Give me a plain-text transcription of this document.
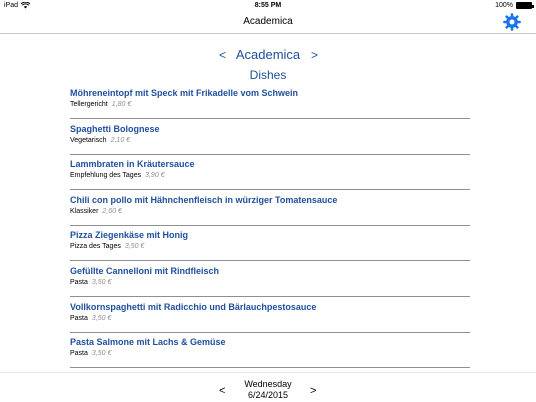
iPad	8:55 PM	100%
Academica
Academica
<	>
Dishes
Möhreneintopf mit Speck mit Frikadelle vom Schwein
Tellergericht 1,80 €
Spaghetti Bolognese
Vegetarisch 2,10 €
Lammbraten in Kräutersauce
Empfehlung des Tages 3,90 €
Chili con pollo mit Hähnchenfleisch in würziger Tomatensauce
Klassiker 2,60 €
Pizza Ziegenkäse mit Honig
Pizza des Tages 3,50 €
Gefüllte Cannelloni mit Rindfleisch
Pasta 3,50 €
Vollkornspaghetti mit Radicchio und Bärlauchpestosauce
Pasta 3,50 €
Pasta Salmone mit Lachs & Gemüse
Pasta 3,50 €
<
Wednesday
6/24/2015	>
